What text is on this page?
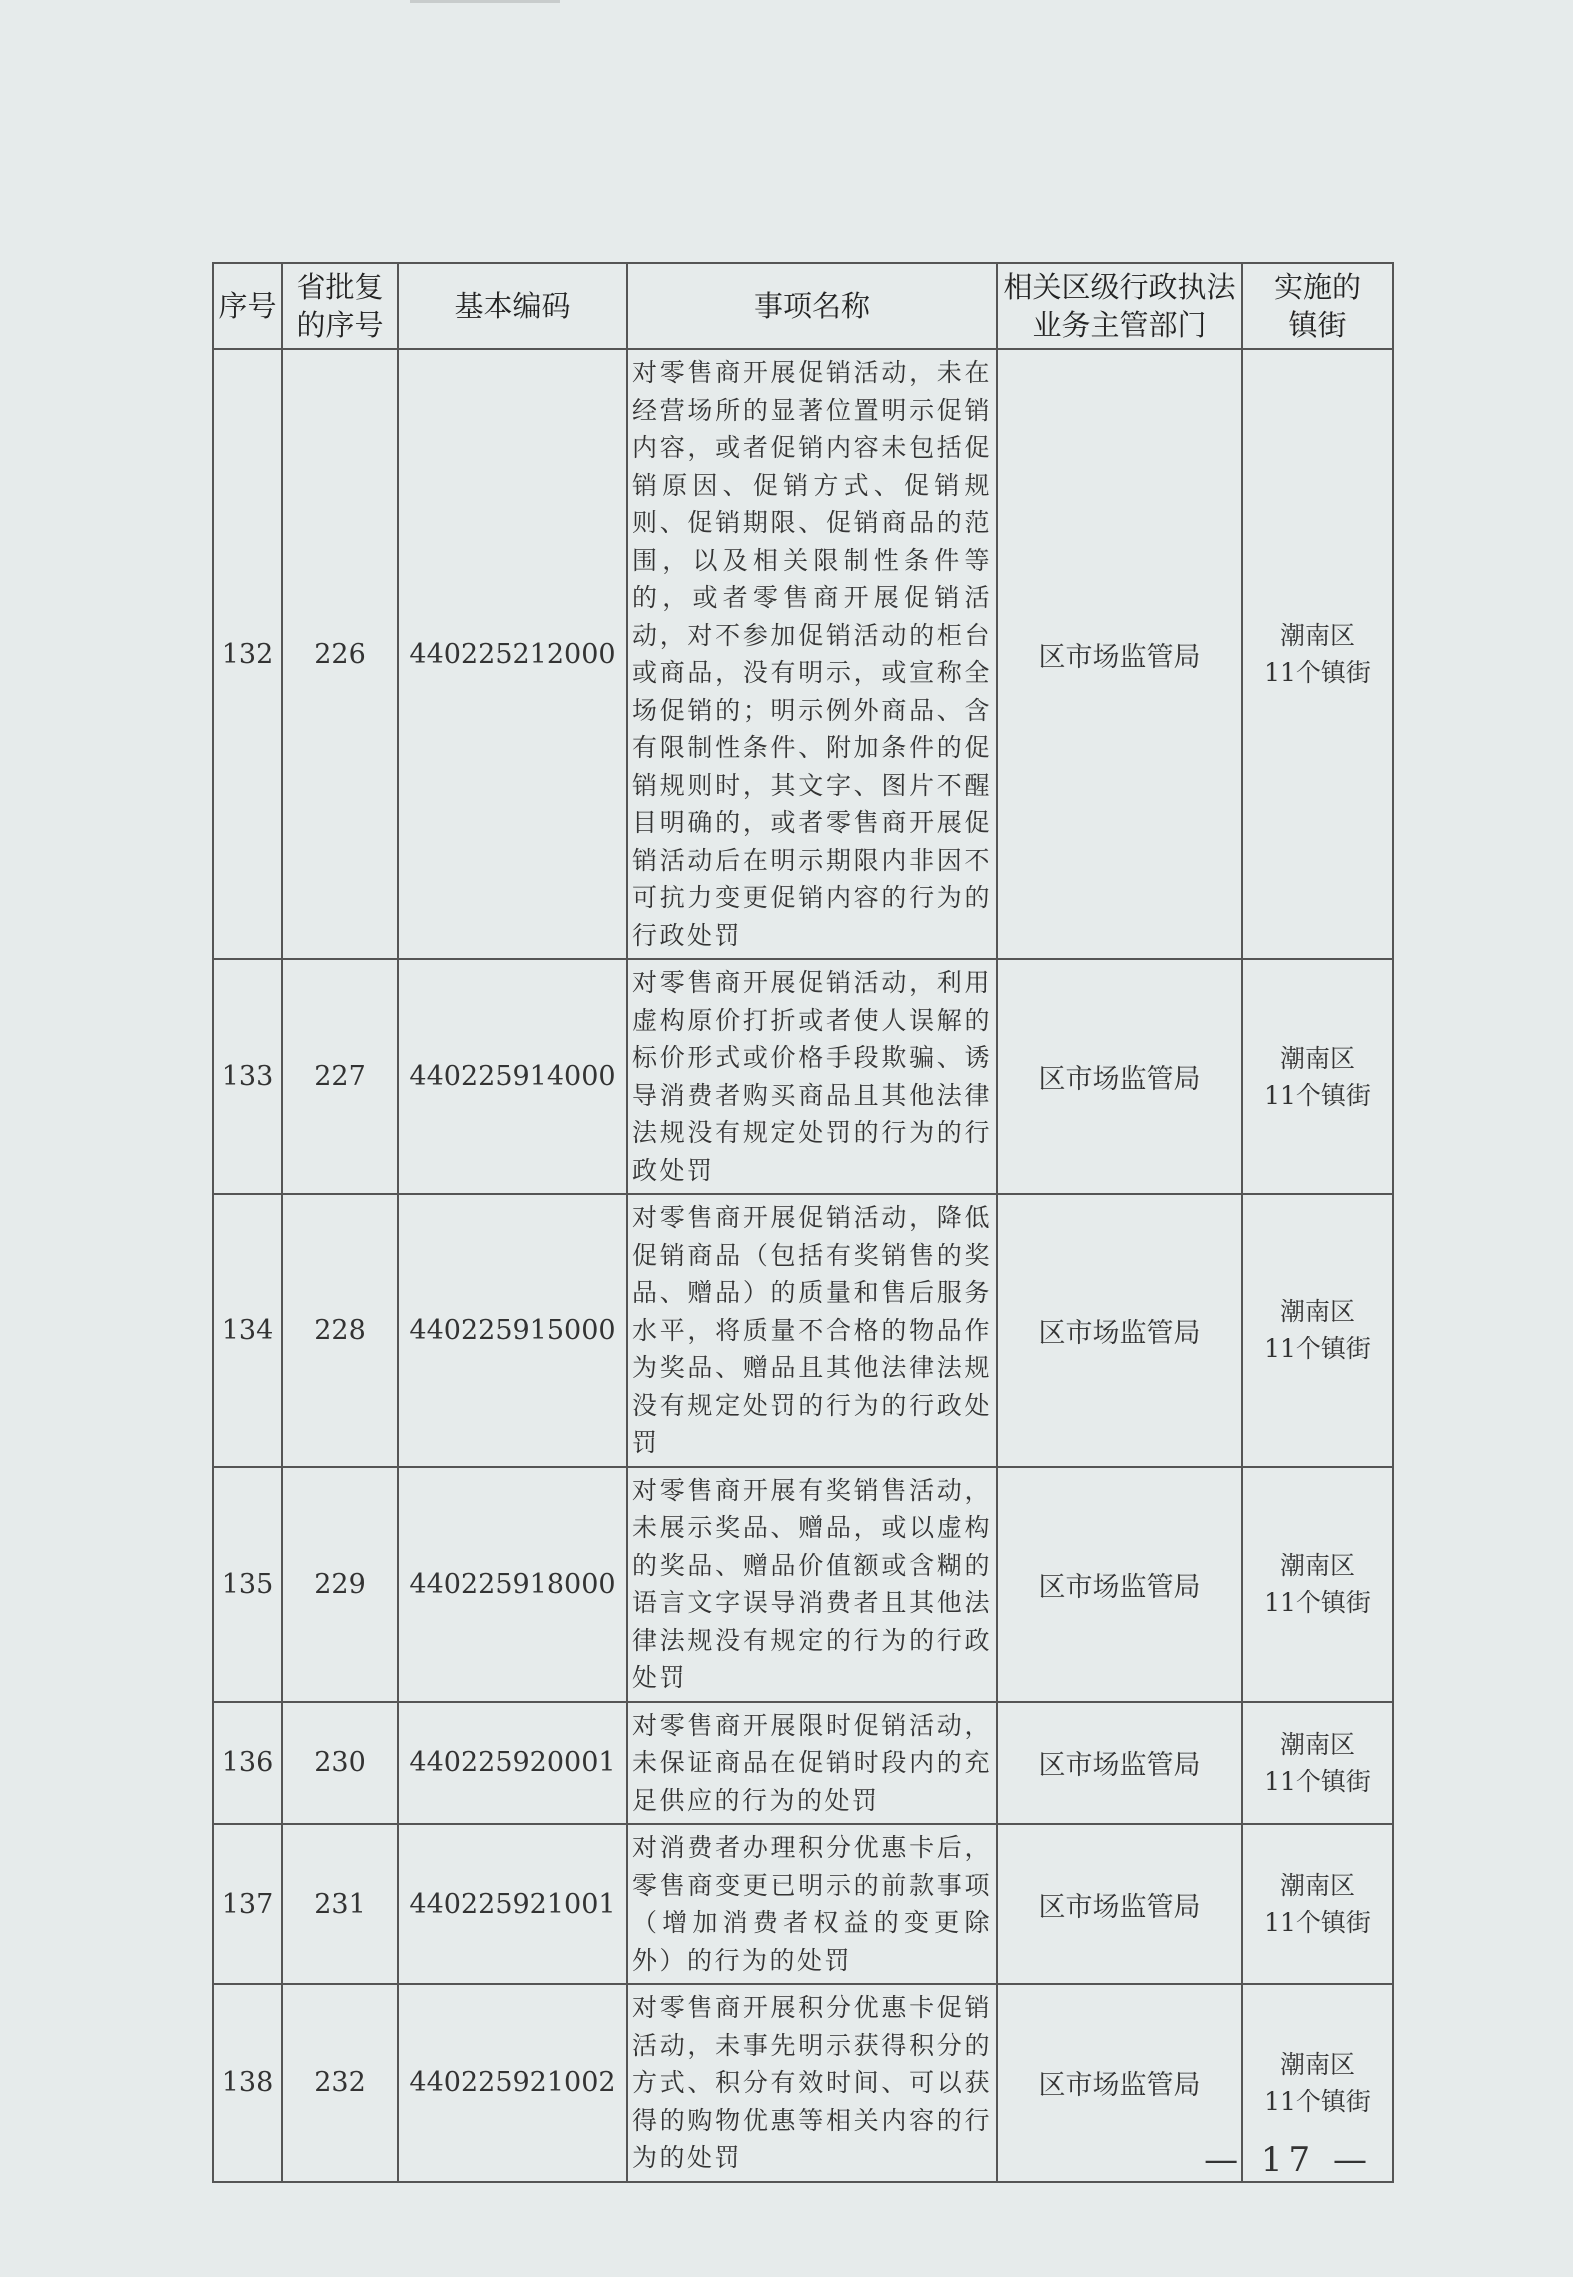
序号	省批复的序号	基本编码	事项名称	相关区级行政执法业务主管部门	实施的镇街
132	226	440225212000	对零售商开展促销活动，未在经营场所的显著位置明示促销内容，或者促销内容未包括促销原因、促销方式、促销规则、促销期限、促销商品的范围，以及相关限制性条件等的，或者零售商开展促销活动，对不参加促销活动的柜台或商品，没有明示，或宣称全场促销的；明示例外商品、含有限制性条件、附加条件的促销规则时，其文字、图片不醒目明确的，或者零售商开展促销活动后在明示期限内非因不可抗力变更促销内容的行为的行政处罚	区市场监管局	潮南区
11个镇街

133	227	440225914000	对零售商开展促销活动，利用虚构原价打折或者使人误解的标价形式或价格手段欺骗、诱导消费者购买商品且其他法律法规没有规定处罚的行为的行政处罚	区市场监管局	潮南区
11个镇街

134	228	440225915000	对零售商开展促销活动，降低促销商品（包括有奖销售的奖品、赠品）的质量和售后服务水平，将质量不合格的物品作为奖品、赠品且其他法律法规没有规定处罚的行为的行政处罚	区市场监管局	潮南区
11个镇街

135	229	440225918000	对零售商开展有奖销售活动，未展示奖品、赠品，或以虚构的奖品、赠品价值额或含糊的语言文字误导消费者且其他法律法规没有规定的行为的行政处罚	区市场监管局	潮南区
11个镇街

136	230	440225920001	对零售商开展限时促销活动，未保证商品在促销时段内的充足供应的行为的处罚	区市场监管局	潮南区
11个镇街

137	231	440225921001	对消费者办理积分优惠卡后，零售商变更已明示的前款事项（增加消费者权益的变更除外）的行为的处罚	区市场监管局	潮南区
11个镇街

138	232	440225921002	对零售商开展积分优惠卡促销活动，未事先明示获得积分的方式、积分有效时间、可以获得的购物优惠等相关内容的行为的处罚	区市场监管局	潮南区
11个镇街
— 17 —
